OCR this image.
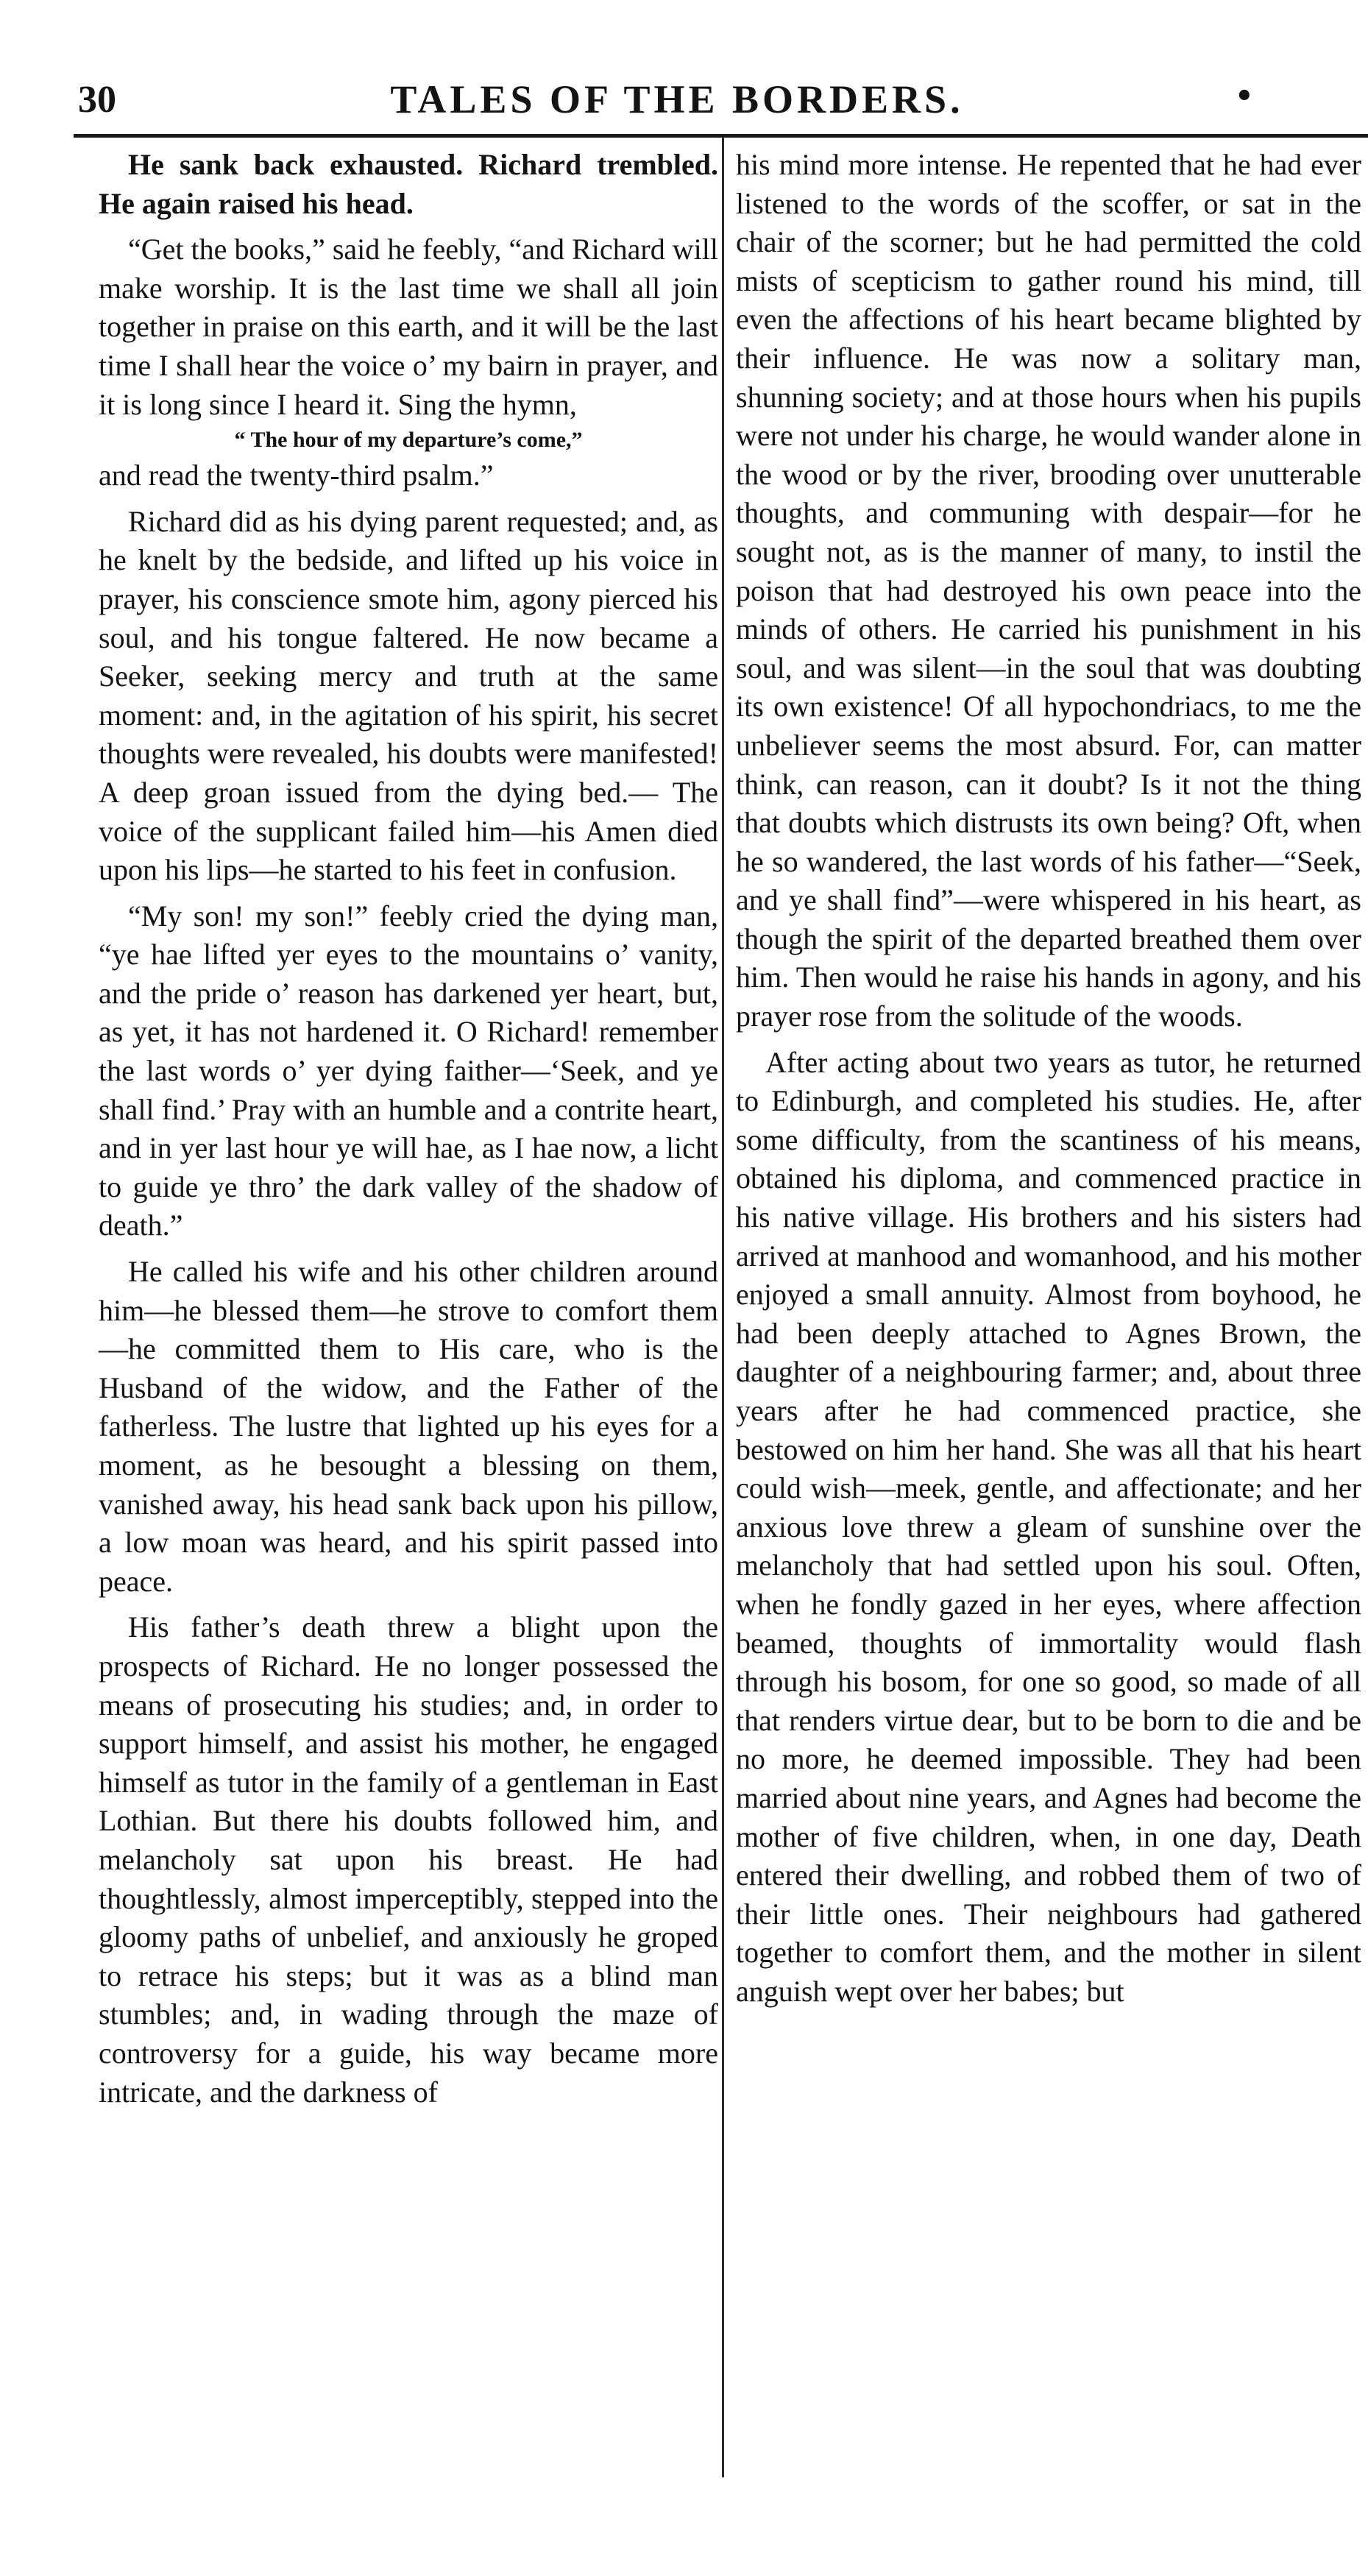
30	TALES OF THE BORDERS.	•

He sank back exhausted. Richard trembled. He again raised his head.

“Get the books,” said he feebly, “and Richard will make worship. It is the last time we shall all join together in praise on this earth, and it will be the last time I shall hear the voice o’ my bairn in prayer, and it is long since I heard it. Sing the hymn,

“ The hour of my departure’s come,”

and read the twenty-third psalm.”

Richard did as his dying parent requested; and, as he knelt by the bedside, and lifted up his voice in prayer, his conscience smote him, agony pierced his soul, and his tongue faltered. He now became a Seeker, seeking mercy and truth at the same moment: and, in the agitation of his spirit, his secret thoughts were revealed, his doubts were manifested! A deep groan issued from the dying bed.— The voice of the supplicant failed him—his Amen died upon his lips—he started to his feet in confusion.

“My son! my son!” feebly cried the dying man, “ye hae lifted yer eyes to the mountains o’ vanity, and the pride o’ reason has darkened yer heart, but, as yet, it has not hardened it. O Richard! remember the last words o’ yer dying faither—‘Seek, and ye shall find.’ Pray with an humble and a contrite heart, and in yer last hour ye will hae, as I hae now, a licht to guide ye thro’ the dark valley of the shadow of death.”

He called his wife and his other children around him—he blessed them—he strove to comfort them—he committed them to His care, who is the Husband of the widow, and the Father of the fatherless. The lustre that lighted up his eyes for a moment, as he besought a blessing on them, vanished away, his head sank back upon his pillow, a low moan was heard, and his spirit passed into peace.

His father’s death threw a blight upon the prospects of Richard. He no longer possessed the means of prosecuting his studies; and, in order to support himself, and assist his mother, he engaged himself as tutor in the family of a gentleman in East Lothian. But there his doubts followed him, and melancholy sat upon his breast. He had thoughtlessly, almost imperceptibly, stepped into the gloomy paths of unbelief, and anxiously he groped to retrace his steps; but it was as a blind man stumbles; and, in wading through the maze of controversy for a guide, his way became more intricate, and the darkness of

his mind more intense. He repented that he had ever listened to the words of the scoffer, or sat in the chair of the scorner; but he had permitted the cold mists of scepticism to gather round his mind, till even the affections of his heart became blighted by their influence. He was now a solitary man, shunning society; and at those hours when his pupils were not under his charge, he would wander alone in the wood or by the river, brooding over unutterable thoughts, and communing with despair—for he sought not, as is the manner of many, to instil the poison that had destroyed his own peace into the minds of others. He carried his punishment in his soul, and was silent—in the soul that was doubting its own existence! Of all hypochondriacs, to me the unbeliever seems the most absurd. For, can matter think, can reason, can it doubt? Is it not the thing that doubts which distrusts its own being? Oft, when he so wandered, the last words of his father—“Seek, and ye shall find”—were whispered in his heart, as though the spirit of the departed breathed them over him. Then would he raise his hands in agony, and his prayer rose from the solitude of the woods.

After acting about two years as tutor, he returned to Edinburgh, and completed his studies. He, after some difficulty, from the scantiness of his means, obtained his diploma, and commenced practice in his native village. His brothers and his sisters had arrived at manhood and womanhood, and his mother enjoyed a small annuity. Almost from boyhood, he had been deeply attached to Agnes Brown, the daughter of a neighbouring farmer; and, about three years after he had commenced practice, she bestowed on him her hand. She was all that his heart could wish—meek, gentle, and affectionate; and her anxious love threw a gleam of sunshine over the melancholy that had settled upon his soul. Often, when he fondly gazed in her eyes, where affection beamed, thoughts of immortality would flash through his bosom, for one so good, so made of all that renders virtue dear, but to be born to die and be no more, he deemed impossible. They had been married about nine years, and Agnes had become the mother of five children, when, in one day, Death entered their dwelling, and robbed them of two of their little ones. Their neighbours had gathered together to comfort them, and the mother in silent anguish wept over her babes; but
